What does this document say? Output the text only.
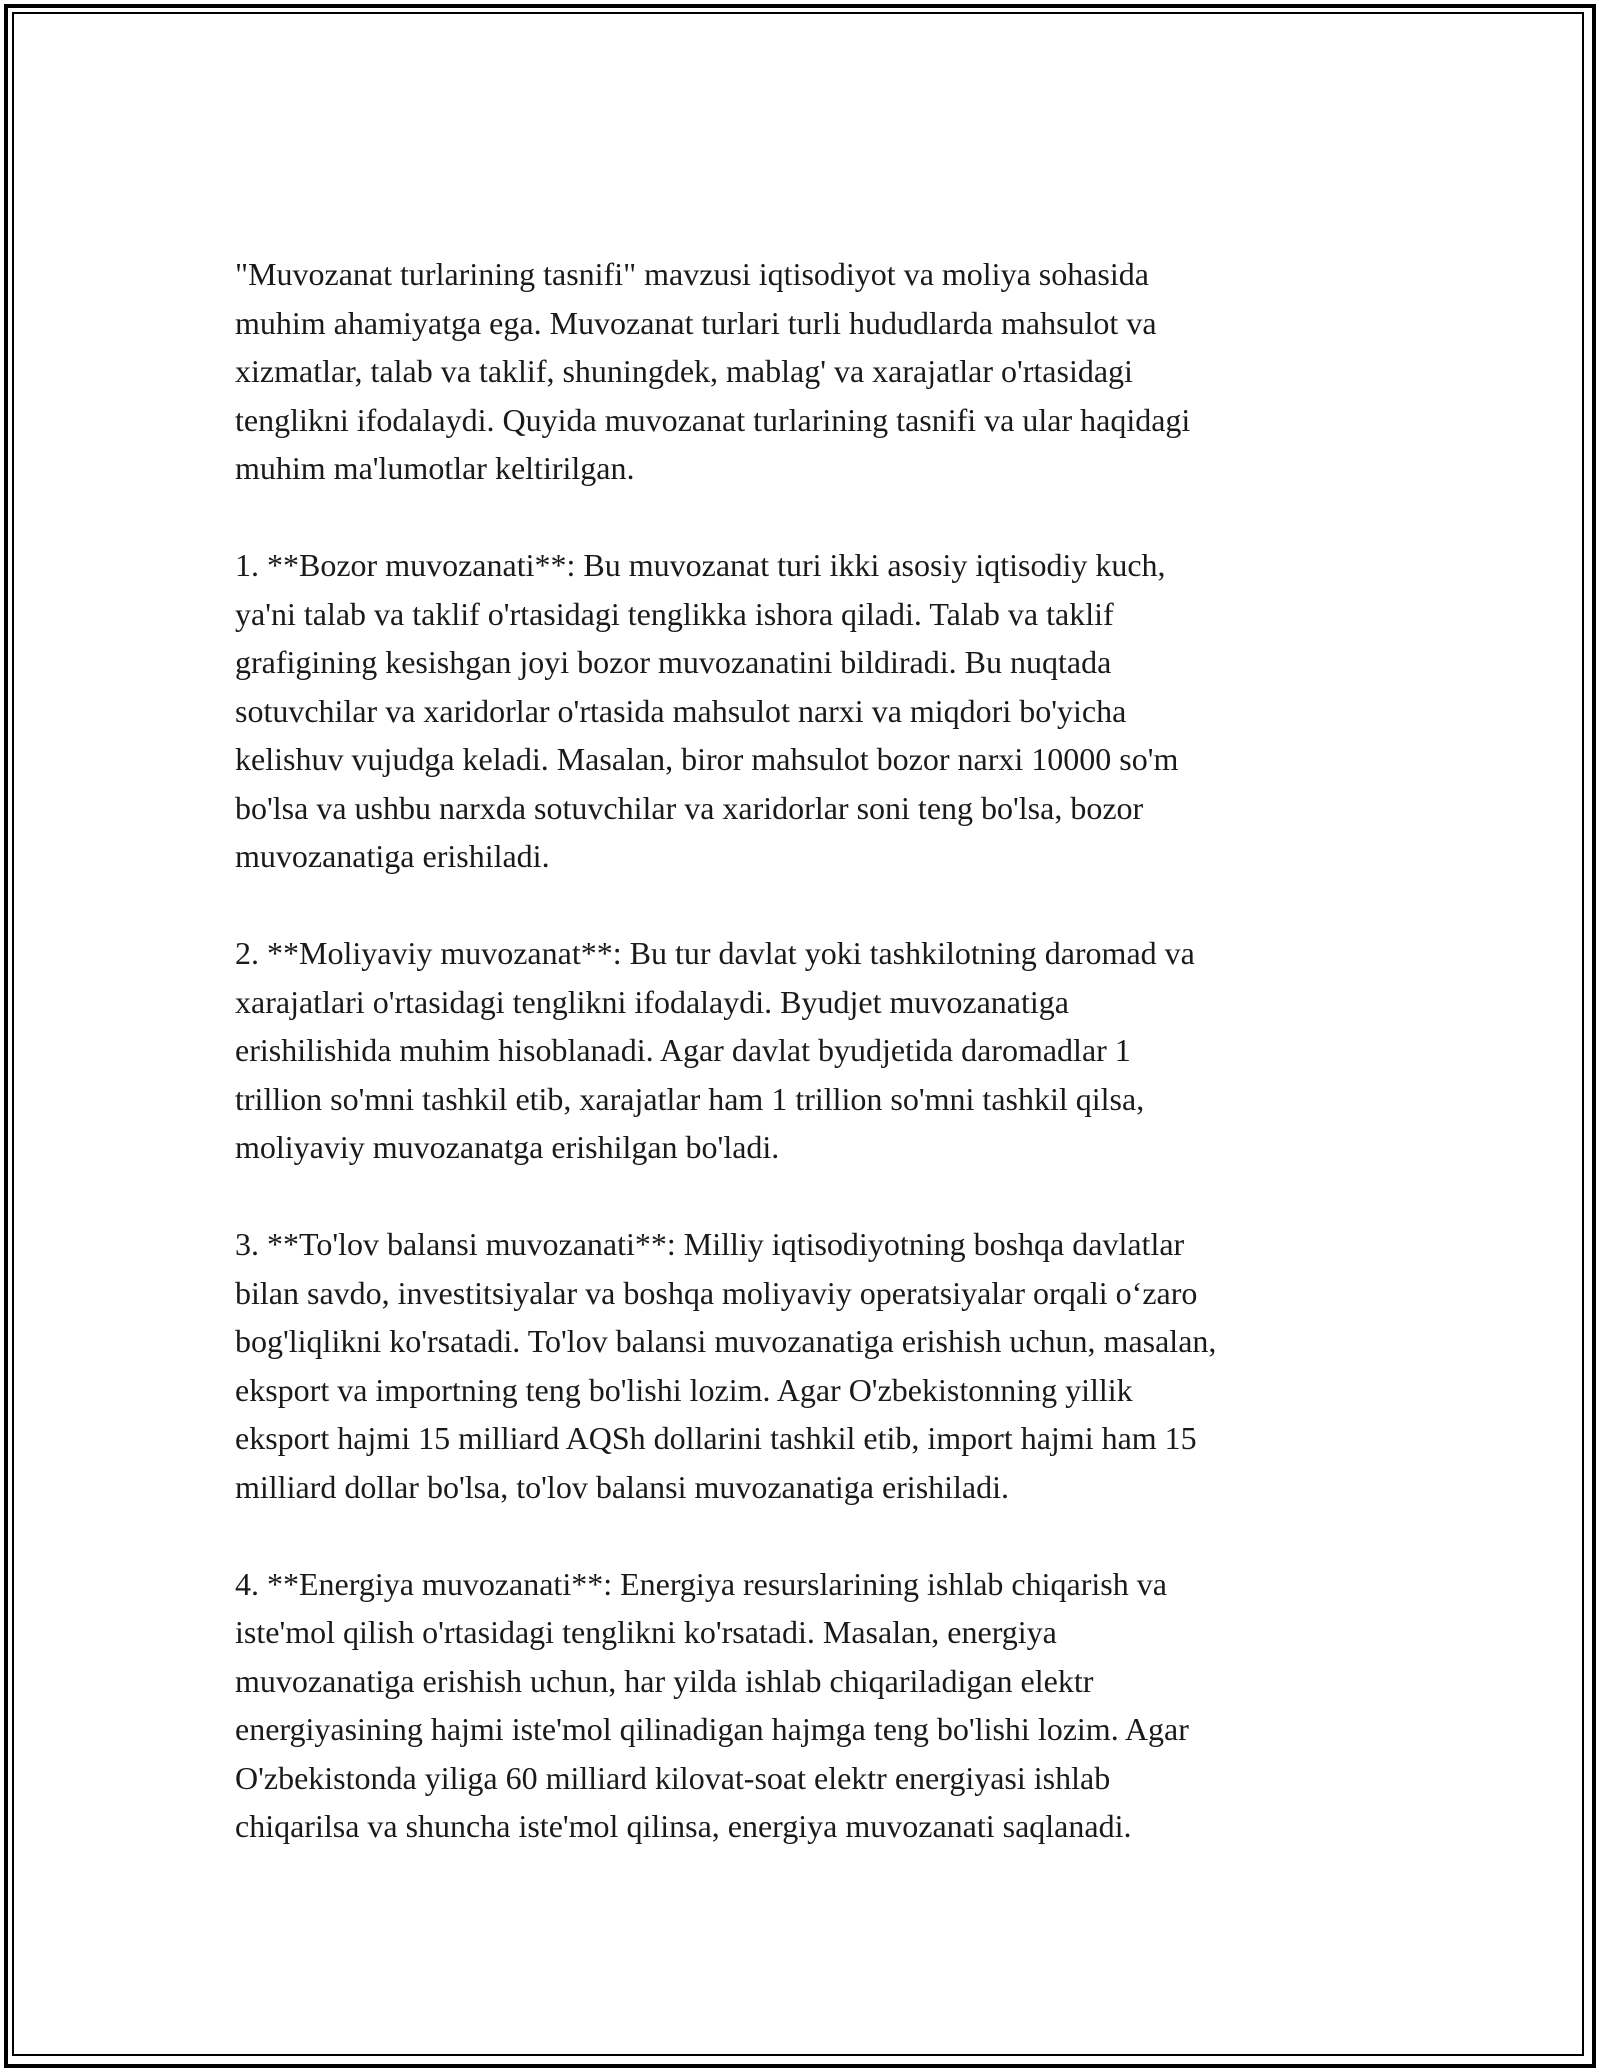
"Muvozanat turlarining tasnifi" mavzusi iqtisodiyot va moliya sohasida
muhim ahamiyatga ega. Muvozanat turlari turli hududlarda mahsulot va
xizmatlar, talab va taklif, shuningdek, mablag' va xarajatlar o'rtasidagi
tenglikni ifodalaydi. Quyida muvozanat turlarining tasnifi va ular haqidagi
muhim ma'lumotlar keltirilgan.

1. **Bozor muvozanati**: Bu muvozanat turi ikki asosiy iqtisodiy kuch,
ya'ni talab va taklif o'rtasidagi tenglikka ishora qiladi. Talab va taklif
grafigining kesishgan joyi bozor muvozanatini bildiradi. Bu nuqtada
sotuvchilar va xaridorlar o'rtasida mahsulot narxi va miqdori bo'yicha
kelishuv vujudga keladi. Masalan, biror mahsulot bozor narxi 10000 so'm
bo'lsa va ushbu narxda sotuvchilar va xaridorlar soni teng bo'lsa, bozor
muvozanatiga erishiladi.

2. **Moliyaviy muvozanat**: Bu tur davlat yoki tashkilotning daromad va
xarajatlari o'rtasidagi tenglikni ifodalaydi. Byudjet muvozanatiga
erishilishida muhim hisoblanadi. Agar davlat byudjetida daromadlar 1
trillion so'mni tashkil etib, xarajatlar ham 1 trillion so'mni tashkil qilsa,
moliyaviy muvozanatga erishilgan bo'ladi.

3. **To'lov balansi muvozanati**: Milliy iqtisodiyotning boshqa davlatlar
bilan savdo, investitsiyalar va boshqa moliyaviy operatsiyalar orqali o‘zaro
bog'liqlikni ko'rsatadi. To'lov balansi muvozanatiga erishish uchun, masalan,
eksport va importning teng bo'lishi lozim. Agar O'zbekistonning yillik
eksport hajmi 15 milliard AQSh dollarini tashkil etib, import hajmi ham 15
milliard dollar bo'lsa, to'lov balansi muvozanatiga erishiladi.

4. **Energiya muvozanati**: Energiya resurslarining ishlab chiqarish va
iste'mol qilish o'rtasidagi tenglikni ko'rsatadi. Masalan, energiya
muvozanatiga erishish uchun, har yilda ishlab chiqariladigan elektr
energiyasining hajmi iste'mol qilinadigan hajmga teng bo'lishi lozim. Agar
O'zbekistonda yiliga 60 milliard kilovat-soat elektr energiyasi ishlab
chiqarilsa va shuncha iste'mol qilinsa, energiya muvozanati saqlanadi.
